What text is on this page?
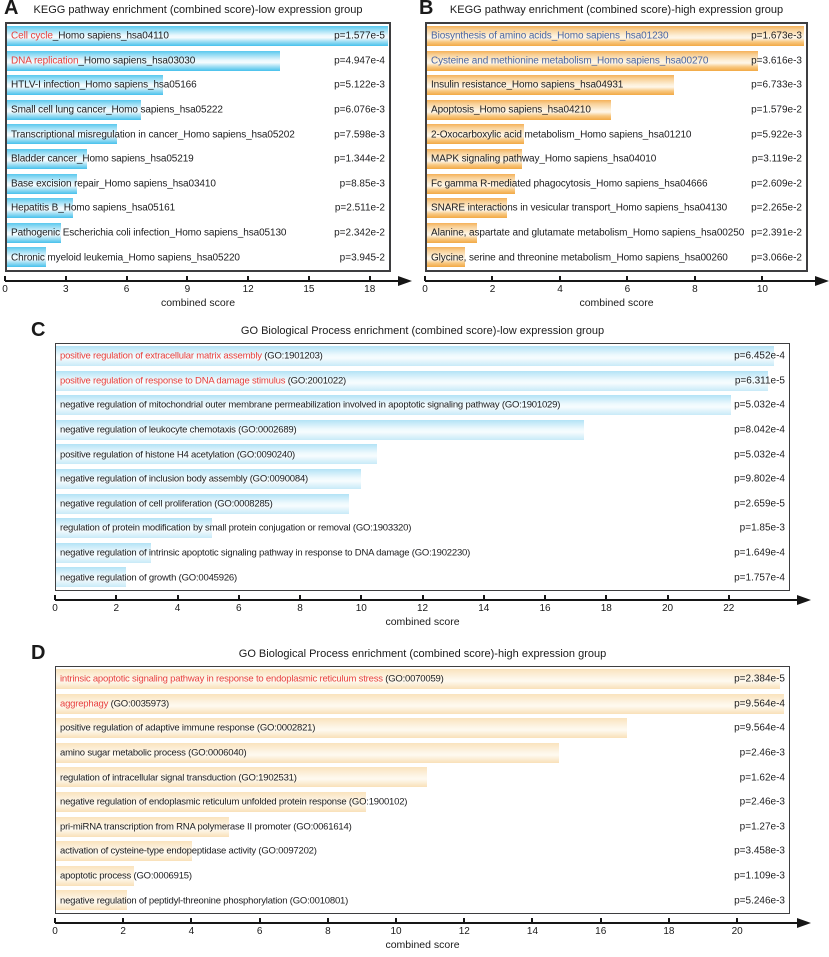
A	KEGG pathway enrichment (combined score)-low expression group
Cell cycle_Homo sapiens_hsa04110	p=1.577e-5
DNA replication_Homo sapiens_hsa03030	p=4.947e-4
HTLV-I infection_Homo sapiens_hsa05166	p=5.122e-3
Small cell lung cancer_Homo sapiens_hsa05222	p=6.076e-3
Transcriptional misregulation in cancer_Homo sapiens_hsa05202	p=7.598e-3
Bladder cancer_Homo sapiens_hsa05219	p=1.344e-2
Base excision repair_Homo sapiens_hsa03410	p=8.85e-3
Hepatitis B_Homo sapiens_hsa05161	p=2.511e-2
Pathogenic Escherichia coli infection_Homo sapiens_hsa05130	p=2.342e-2
Chronic myeloid leukemia_Homo sapiens_hsa05220	p=3.945-2
combined score
0	3	6	9	12	15	18
B	KEGG pathway enrichment (combined score)-high expression group
Biosynthesis of amino acids_Homo sapiens_hsa01230	p=1.673e-3
Cysteine and methionine metabolism_Homo sapiens_hsa00270	p=3.616e-3
Insulin resistance_Homo sapiens_hsa04931	p=6.733e-3
Apoptosis_Homo sapiens_hsa04210	p=1.579e-2
2-Oxocarboxylic acid metabolism_Homo sapiens_hsa01210	p=5.922e-3
MAPK signaling pathway_Homo sapiens_hsa04010	p=3.119e-2
Fc gamma R-mediated phagocytosis_Homo sapiens_hsa04666	p=2.609e-2
SNARE interactions in vesicular transport_Homo sapiens_hsa04130 p=2.265e-2
Alanine, aspartate and glutamate metabolism_Homo sapiens_hsa00250 p=2.391e-2
Glycine, serine and threonine metabolism_Homo sapiens_hsa00260 p=3.066e-2
combined score
0	2	4	6	8	10
C	GO Biological Process enrichment (combined score)-low expression group
positive regulation of extracellular matrix assembly (GO:1901203)	p=6.452e-4
positive regulation of response to DNA damage stimulus (GO:2001022)	p=6.311e-5
negative regulation of mitochondrial outer membrane permeabilization involved in apoptotic signaling pathway (GO:1901029)	p=5.032e-4
negative regulation of leukocyte chemotaxis (GO:0002689)	p=8.042e-4
positive regulation of histone H4 acetylation (GO:0090240)	p=5.032e-4
negative regulation of inclusion body assembly (GO:0090084)	p=9.802e-4
negative regulation of cell proliferation (GO:0008285)	p=2.659e-5
regulation of protein modification by small protein conjugation or removal (GO:1903320)	p=1.85e-3
negative regulation of intrinsic apoptotic signaling pathway in response to DNA damage (GO:1902230)	p=1.649e-4
negative regulation of growth (GO:0045926)	p=1.757e-4
combined score
0	2	4	6	8	10	12	14	16	18	20	22
D	GO Biological Process enrichment (combined score)-high expression group
intrinsic apoptotic signaling pathway in response to endoplasmic reticulum stress (GO:0070059)	p=2.384e-5
aggrephagy (GO:0035973)	p=9.564e-4
positive regulation of adaptive immune response (GO:0002821)	p=9.564e-4
amino sugar metabolic process (GO:0006040)	p=2.46e-3
regulation of intracellular signal transduction (GO:1902531)	p=1.62e-4
negative regulation of endoplasmic reticulum unfolded protein response (GO:1900102)	p=2.46e-3
pri-miRNA transcription from RNA polymerase II promoter (GO:0061614)	p=1.27e-3
activation of cysteine-type endopeptidase activity (GO:0097202)	p=3.458e-3
apoptotic process (GO:0006915)	p=1.109e-3
negative regulation of peptidyl-threonine phosphorylation (GO:0010801)	p=5.246e-3
combined score
0	2	4	6	8	10	12	14	16	18	20
